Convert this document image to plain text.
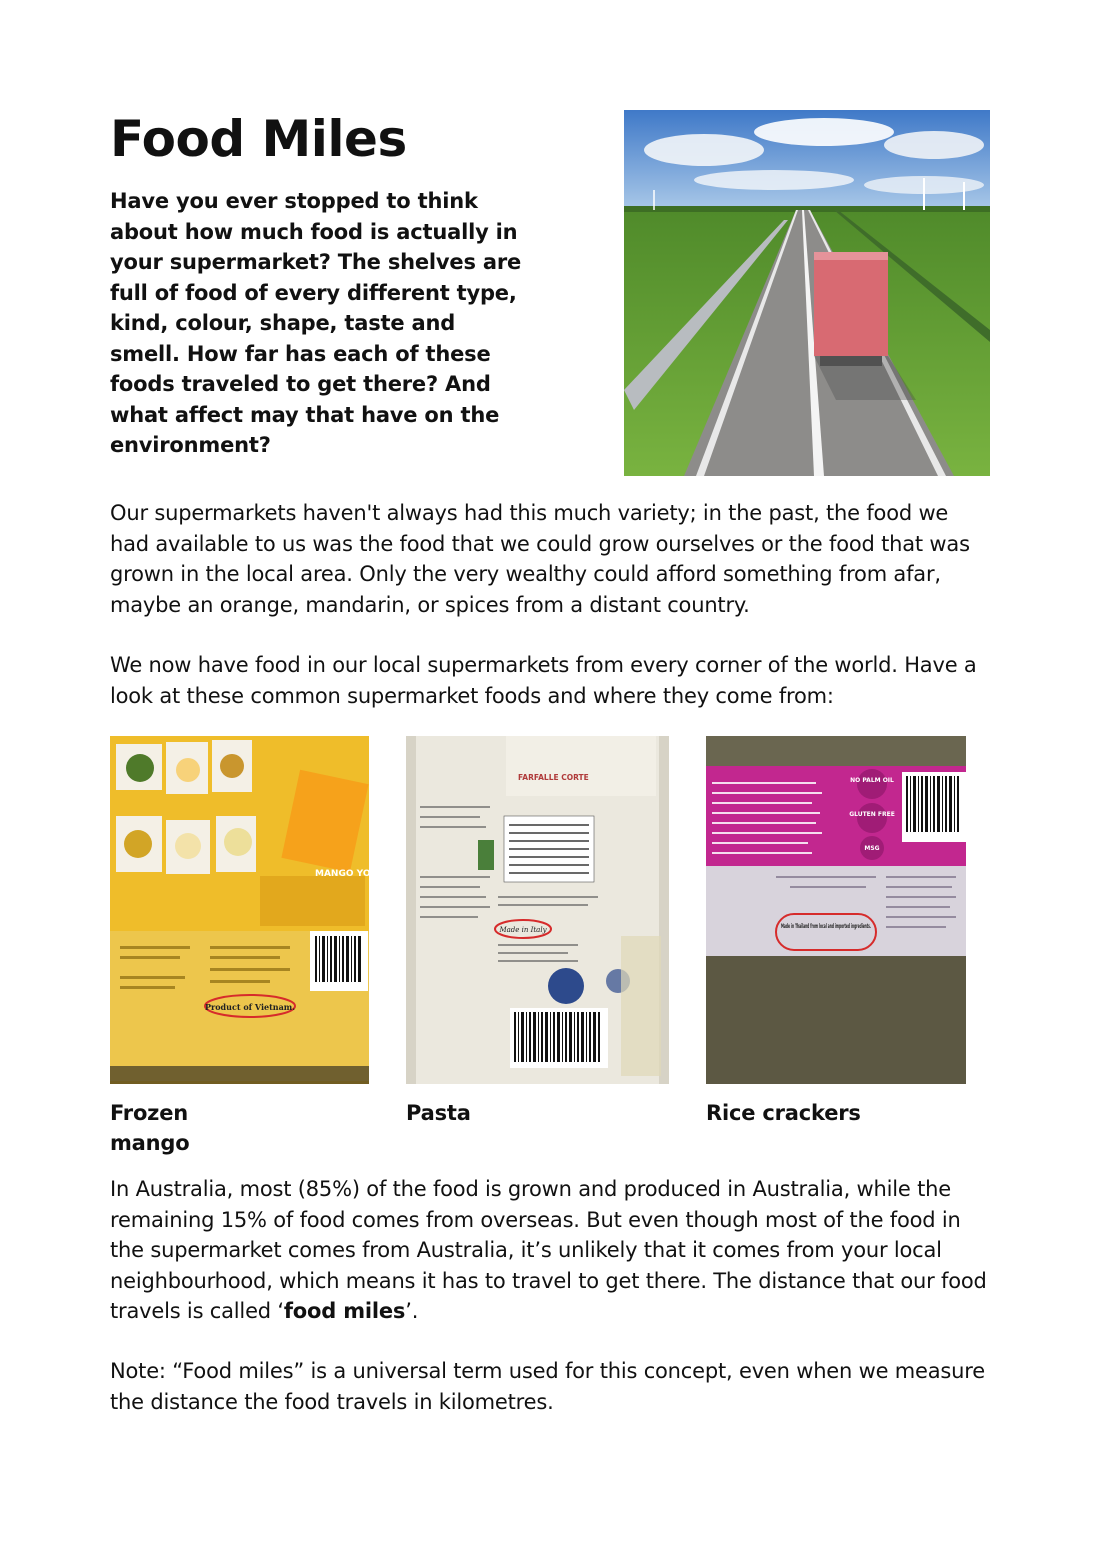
Food Miles

Have you ever stopped to think about how much food is actually in your supermarket? The shelves are full of food of every different type, kind, colour, shape, taste and smell. How far has each of these foods traveled to get there? And what affect may that have on the environment?

Our supermarkets haven't always had this much variety; in the past, the food we had available to us was the food that we could grow ourselves or the food that was grown in the local area. Only the very wealthy could afford something from afar, maybe an orange, mandarin, or spices from a distant country.

We now have food in our local supermarkets from every corner of the world. Have a look at these common supermarket foods and where they come from:

Product of Vietnam.
MANGO YO SMOO
FARFALLE CORTE
Made in Italy
NO PALM OIL
GLUTEN FREE
MSG
Made in Thailand from local and imported ingredients.

Frozen mango

Pasta	Rice crackers

In Australia, most (85%) of the food is grown and produced in Australia, while the remaining 15% of food comes from overseas. But even though most of the food in the supermarket comes from Australia, it’s unlikely that it comes from your local neighbourhood, which means it has to travel to get there. The distance that our food travels is called ‘food miles’.

Note: “Food miles” is a universal term used for this concept, even when we measure the distance the food travels in kilometres.
